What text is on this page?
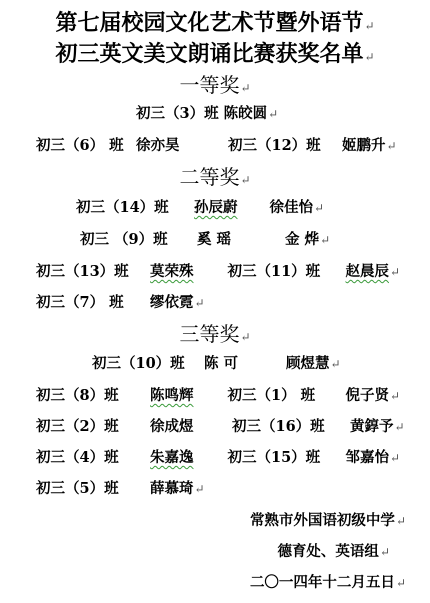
第七届校园文化艺术节暨外语节↵
初三英文美文朗诵比赛获奖名单↵
一等奖↵
初三（3）班 陈皎圆↵
初三（6） 班 徐亦昊	初三（12）班 姬鹏升↵
二等奖↵
初三（14）班 孙辰蔚 徐佳怡↵
初三 （9）班 奚 瑶	金 烨↵
初三（13）班 莫荣殊 初三（11）班 赵晨辰↵
初三（7） 班 缪依霓↵
三等奖↵
初三（10）班 陈 可	顾煜慧↵
初三（8）班 陈鸣辉 初三（1） 班 倪子贤↵
初三（2）班 徐成煜	初三（16）班 黄錞予↵
初三（4）班 朱嘉逸 初三（15）班 邹嘉怡↵
初三（5）班 薛慕琦↵
常熟市外国语初级中学↵
德育处、英语组↵
二〇一四年十二月五日↵
